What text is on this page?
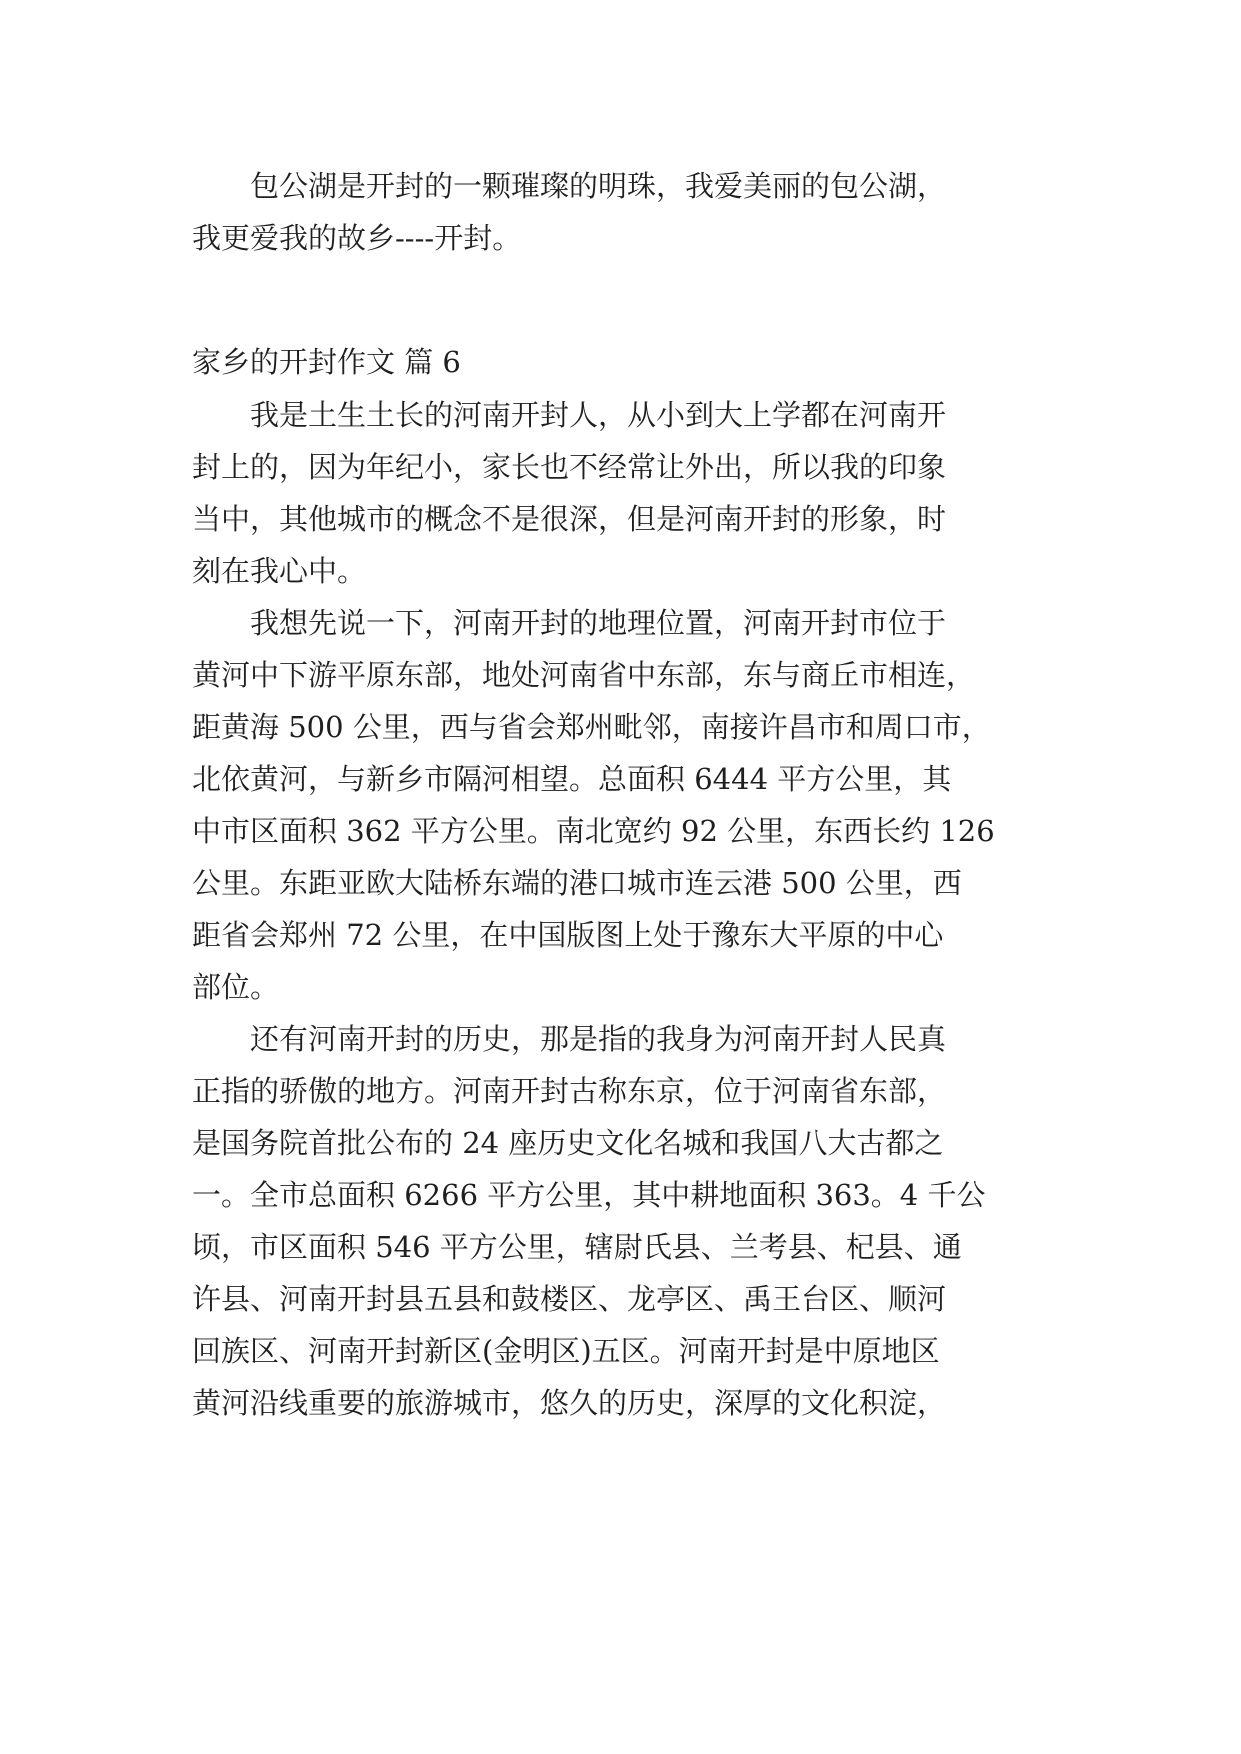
包公湖是开封的一颗璀璨的明珠，我爱美丽的包公湖，
我更爱我的故乡----开封。
家乡的开封作文 篇 6
我是土生土长的河南开封人，从小到大上学都在河南开
封上的，因为年纪小，家长也不经常让外出，所以我的印象
当中，其他城市的概念不是很深，但是河南开封的形象，时
刻在我心中。
我想先说一下，河南开封的地理位置，河南开封市位于
黄河中下游平原东部，地处河南省中东部，东与商丘市相连，
距黄海 500 公里，西与省会郑州毗邻，南接许昌市和周口市，
北依黄河，与新乡市隔河相望。总面积 6444 平方公里，其
中市区面积 362 平方公里。南北宽约 92 公里，东西长约 126
公里。东距亚欧大陆桥东端的港口城市连云港 500 公里，西
距省会郑州 72 公里，在中国版图上处于豫东大平原的中心
部位。
还有河南开封的历史，那是指的我身为河南开封人民真
正指的骄傲的地方。河南开封古称东京，位于河南省东部，
是国务院首批公布的 24 座历史文化名城和我国八大古都之
一。全市总面积 6266 平方公里，其中耕地面积 363。4 千公
顷，市区面积 546 平方公里，辖尉氏县、兰考县、杞县、通
许县、河南开封县五县和鼓楼区、龙亭区、禹王台区、顺河
回族区、河南开封新区(金明区)五区。河南开封是中原地区
黄河沿线重要的旅游城市，悠久的历史，深厚的文化积淀，
